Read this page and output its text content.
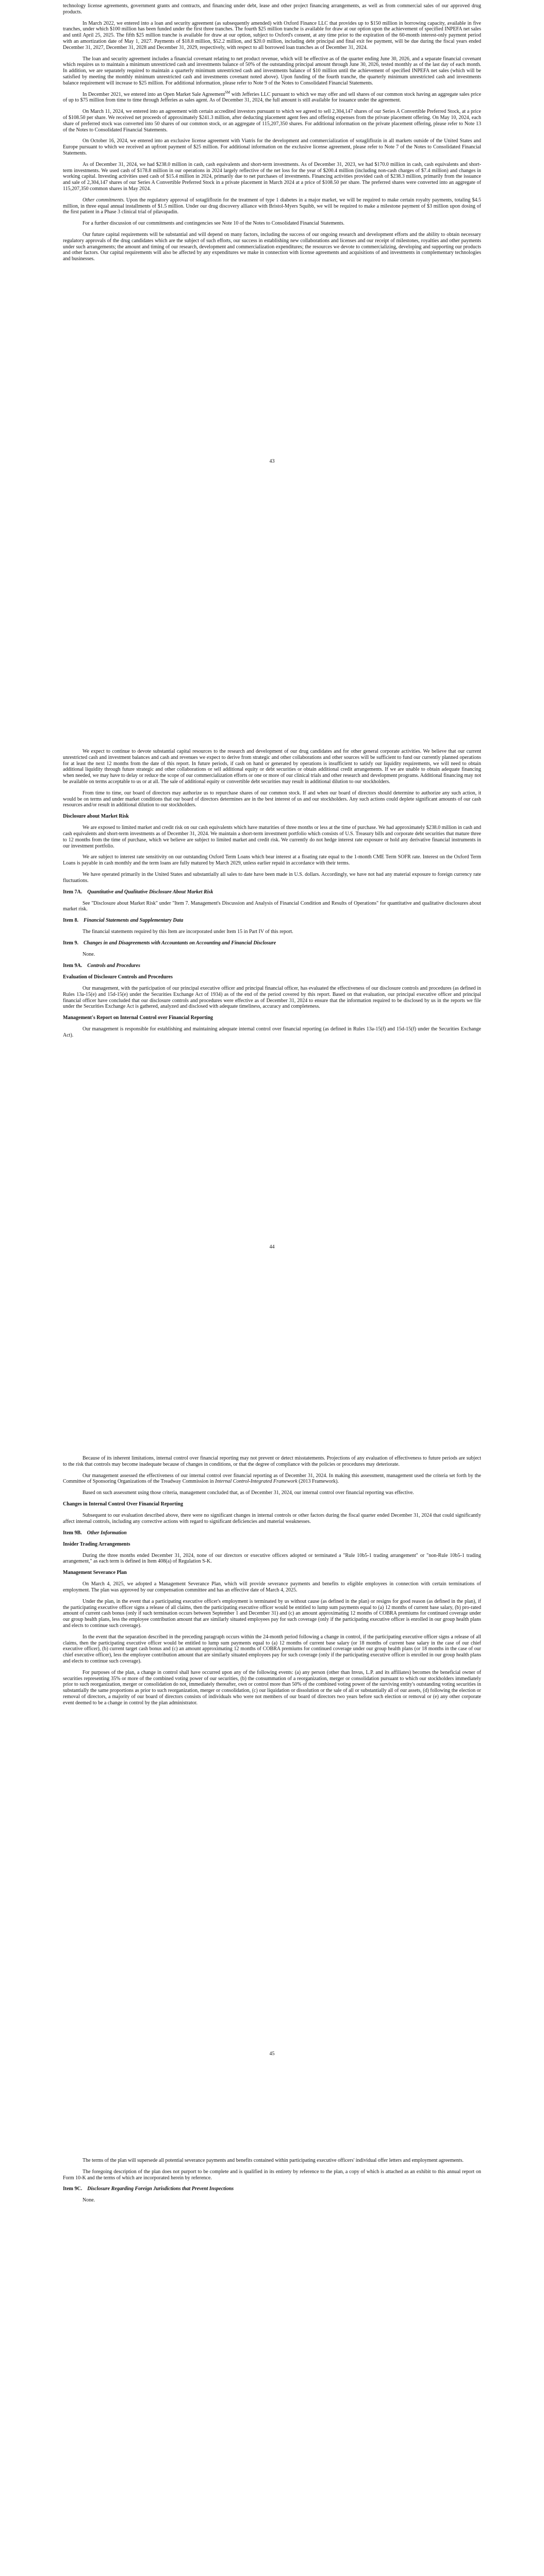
technology license agreements, government grants and contracts, and financing under debt, lease and other project financing arrangements, as well as from commercial sales of our approved drug products.

In March 2022, we entered into a loan and security agreement (as subsequently amended) with Oxford Finance LLC that provides up to $150 million in borrowing capacity, available in five tranches, under which $100 million has been funded under the first three tranches. The fourth $25 million tranche is available for draw at our option upon the achievement of specified INPEFA net sales and until April 25, 2025. The fifth $25 million tranche is available for draw at our option, subject to Oxford's consent, at any time prior to the expiration of the 60-month interest-only payment period with an amortization date of May 1, 2027. Payments of $18.8 million, $52.2 million, and $20.0 million, including debt principal and final exit fee payment, will be due during the fiscal years ended December 31, 2027, December 31, 2028 and December 31, 2029, respectively, with respect to all borrowed loan tranches as of December 31, 2024.

The loan and security agreement includes a financial covenant relating to net product revenue, which will be effective as of the quarter ending June 30, 2026, and a separate financial covenant which requires us to maintain a minimum unrestricted cash and investments balance of 50% of the outstanding principal amount through June 30, 2026, tested monthly as of the last day of each month. In addition, we are separately required to maintain a quarterly minimum unrestricted cash and investments balance of $10 million until the achievement of specified INPEFA net sales (which will be satisfied by meeting the monthly minimum unrestricted cash and investments covenant noted above). Upon funding of the fourth tranche, the quarterly minimum unrestricted cash and investments balance requirement will increase to $25 million. For additional information, please refer to Note 9 of the Notes to Consolidated Financial Statements.

In December 2021, we entered into an Open Market Sale Agreement℠ with Jefferies LLC pursuant to which we may offer and sell shares of our common stock having an aggregate sales price of up to $75 million from time to time through Jefferies as sales agent. As of December 31, 2024, the full amount is still available for issuance under the agreement.

On March 11, 2024, we entered into an agreement with certain accredited investors pursuant to which we agreed to sell 2,304,147 shares of our Series A Convertible Preferred Stock, at a price of $108.50 per share. We received net proceeds of approximately $241.3 million, after deducting placement agent fees and offering expenses from the private placement offering. On May 10, 2024, each share of preferred stock was converted into 50 shares of our common stock, or an aggregate of 115,207,350 shares. For additional information on the private placement offering, please refer to Note 13 of the Notes to Consolidated Financial Statements.

On October 16, 2024, we entered into an exclusive license agreement with Viatris for the development and commercialization of sotagliflozin in all markets outside of the United States and Europe pursuant to which we received an upfront payment of $25 million. For additional information on the exclusive license agreement, please refer to Note 7 of the Notes to Consolidated Financial Statements.

As of December 31, 2024, we had $238.0 million in cash, cash equivalents and short-term investments. As of December 31, 2023, we had $170.0 million in cash, cash equivalents and short-term investments. We used cash of $178.8 million in our operations in 2024 largely reflective of the net loss for the year of $200.4 million (including non-cash charges of $7.4 million) and changes in working capital. Investing activities used cash of $15.4 million in 2024, primarily due to net purchases of investments. Financing activities provided cash of $238.3 million, primarily from the issuance and sale of 2,304,147 shares of our Series A Convertible Preferred Stock in a private placement in March 2024 at a price of $108.50 per share. The preferred shares were converted into an aggregate of 115,207,350 common shares in May 2024.

Other commitments. Upon the regulatory approval of sotagliflozin for the treatment of type 1 diabetes in a major market, we will be required to make certain royalty payments, totaling $4.5 million, in three equal annual installments of $1.5 million. Under our drug discovery alliance with Bristol-Myers Squibb, we will be required to make a milestone payment of $3 million upon dosing of the first patient in a Phase 3 clinical trial of pilavapadin.

For a further discussion of our commitments and contingencies see Note 10 of the Notes to Consolidated Financial Statements.

Our future capital requirements will be substantial and will depend on many factors, including the success of our ongoing research and development efforts and the ability to obtain necessary regulatory approvals of the drug candidates which are the subject of such efforts, our success in establishing new collaborations and licenses and our receipt of milestones, royalties and other payments under such arrangements; the amount and timing of our research, development and commercialization expenditures; the resources we devote to commercializing, developing and supporting our products and other factors. Our capital requirements will also be affected by any expenditures we make in connection with license agreements and acquisitions of and investments in complementary technologies and businesses.

43

We expect to continue to devote substantial capital resources to the research and development of our drug candidates and for other general corporate activities. We believe that our current unrestricted cash and investment balances and cash and revenues we expect to derive from strategic and other collaborations and other sources will be sufficient to fund our currently planned operations for at least the next 12 months from the date of this report. In future periods, if cash on hand or generated by operations is insufficient to satisfy our liquidity requirements, we will need to obtain additional liquidity through future strategic and other collaborations or sell additional equity or debt securities or obtain additional credit arrangements. If we are unable to obtain adequate financing when needed, we may have to delay or reduce the scope of our commercialization efforts or one or more of our clinical trials and other research and development programs. Additional financing may not be available on terms acceptable to us or at all. The sale of additional equity or convertible debt securities may result in additional dilution to our stockholders.

From time to time, our board of directors may authorize us to repurchase shares of our common stock. If and when our board of directors should determine to authorize any such action, it would be on terms and under market conditions that our board of directors determines are in the best interest of us and our stockholders. Any such actions could deplete significant amounts of our cash resources and/or result in additional dilution to our stockholders.

Disclosure about Market Risk

We are exposed to limited market and credit risk on our cash equivalents which have maturities of three months or less at the time of purchase. We had approximately $238.0 million in cash and cash equivalents and short-term investments as of December 31, 2024. We maintain a short-term investment portfolio which consists of U.S. Treasury bills and corporate debt securities that mature three to 12 months from the time of purchase, which we believe are subject to limited market and credit risk. We currently do not hedge interest rate exposure or hold any derivative financial instruments in our investment portfolio.

We are subject to interest rate sensitivity on our outstanding Oxford Term Loans which bear interest at a floating rate equal to the 1-month CME Term SOFR rate. Interest on the Oxford Term Loans is payable in cash monthly and the term loans are fully matured by March 2029, unless earlier repaid in accordance with their terms.

We have operated primarily in the United States and substantially all sales to date have been made in U.S. dollars. Accordingly, we have not had any material exposure to foreign currency rate fluctuations.

Item 7A. Quantitative and Qualitative Disclosure About Market Risk

See "Disclosure about Market Risk" under "Item 7. Management's Discussion and Analysis of Financial Condition and Results of Operations" for quantitative and qualitative disclosures about market risk.

Item 8. Financial Statements and Supplementary Data

The financial statements required by this Item are incorporated under Item 15 in Part IV of this report.

Item 9. Changes in and Disagreements with Accountants on Accounting and Financial Disclosure
None.
Item 9A. Controls and Procedures
Evaluation of Disclosure Controls and Procedures

Our management, with the participation of our principal executive officer and principal financial officer, has evaluated the effectiveness of our disclosure controls and procedures (as defined in Rules 13a-15(e) and 15d-15(e) under the Securities Exchange Act of 1934) as of the end of the period covered by this report. Based on that evaluation, our principal executive officer and principal financial officer have concluded that our disclosure controls and procedures were effective as of December 31, 2024 to ensure that the information required to be disclosed by us in the reports we file under the Securities Exchange Act is gathered, analyzed and disclosed with adequate timeliness, accuracy and completeness.

Management's Report on Internal Control over Financial Reporting

Our management is responsible for establishing and maintaining adequate internal control over financial reporting (as defined in Rules 13a-15(f) and 15d-15(f) under the Securities Exchange Act).

44

Because of its inherent limitations, internal control over financial reporting may not prevent or detect misstatements. Projections of any evaluation of effectiveness to future periods are subject to the risk that controls may become inadequate because of changes in conditions, or that the degree of compliance with the policies or procedures may deteriorate.

Our management assessed the effectiveness of our internal control over financial reporting as of December 31, 2024. In making this assessment, management used the criteria set forth by the Committee of Sponsoring Organizations of the Treadway Commission in Internal Control-Integrated Framework (2013 Framework).

Based on such assessment using those criteria, management concluded that, as of December 31, 2024, our internal control over financial reporting was effective.

Changes in Internal Control Over Financial Reporting

Subsequent to our evaluation described above, there were no significant changes in internal controls or other factors during the fiscal quarter ended December 31, 2024 that could significantly affect internal controls, including any corrective actions with regard to significant deficiencies and material weaknesses.

Item 9B. Other Information
Insider Trading Arrangements

During the three months ended December 31, 2024, none of our directors or executive officers adopted or terminated a "Rule 10b5-1 trading arrangement" or "non-Rule 10b5-1 trading arrangement," as each term is defined in Item 408(a) of Regulation S-K.

Management Severance Plan

On March 4, 2025, we adopted a Management Severance Plan, which will provide severance payments and benefits to eligible employees in connection with certain terminations of employment. The plan was approved by our compensation committee and has an effective date of March 4, 2025.

Under the plan, in the event that a participating executive officer's employment is terminated by us without cause (as defined in the plan) or resigns for good reason (as defined in the plan), if the participating executive officer signs a release of all claims, then the participating executive officer would be entitled to lump sum payments equal to (a) 12 months of current base salary, (b) pro-rated amount of current cash bonus (only if such termination occurs between September 1 and December 31) and (c) an amount approximating 12 months of COBRA premiums for continued coverage under our group health plans, less the employee contribution amount that are similarly situated employees pay for such coverage (only if the participating executive officer is enrolled in our group health plans and elects to continue such coverage).

In the event that the separation described in the preceding paragraph occurs within the 24-month period following a change in control, if the participating executive officer signs a release of all claims, then the participating executive officer would be entitled to lump sum payments equal to (a) 12 months of current base salary (or 18 months of current base salary in the case of our chief executive officer), (b) current target cash bonus and (c) an amount approximating 12 months of COBRA premiums for continued coverage under our group health plans (or 18 months in the case of our chief executive officer), less the employee contribution amount that are similarly situated employees pay for such coverage (only if the participating executive officer is enrolled in our group health plans and elects to continue such coverage).

For purposes of the plan, a change in control shall have occurred upon any of the following events: (a) any person (other than Invus, L.P. and its affiliates) becomes the beneficial owner of securities representing 35% or more of the combined voting power of our securities, (b) the consummation of a reorganization, merger or consolidation pursuant to which our stockholders immediately prior to such reorganization, merger or consolidation do not, immediately thereafter, own or control more than 50% of the combined voting power of the surviving entity's outstanding voting securities in substantially the same proportions as prior to such reorganization, merger or consolidation, (c) our liquidation or dissolution or the sale of all or substantially all of our assets, (d) following the election or removal of directors, a majority of our board of directors consists of individuals who were not members of our board of directors two years before such election or removal or (e) any other corporate event deemed to be a change in control by the plan administrator.

45

The terms of the plan will supersede all potential severance payments and benefits contained within participating executive officers' individual offer letters and employment agreements.

The foregoing description of the plan does not purport to be complete and is qualified in its entirety by reference to the plan, a copy of which is attached as an exhibit to this annual report on Form 10-K and the terms of which are incorporated herein by reference.

Item 9C. Disclosure Regarding Foreign Jurisdictions that Prevent Inspections
None.
